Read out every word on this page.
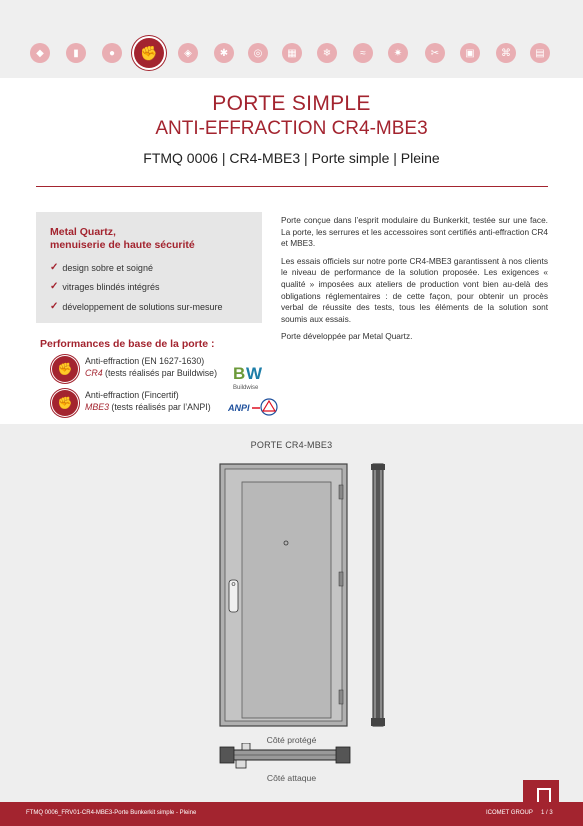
◆	▮	●	✊	◈	✱	◎	▦	❄	≈	✷	✂	▣	⌘	▤
PORTE SIMPLE
ANTI-EFFRACTION CR4-MBE3
FTMQ 0006 | CR4-MBE3 | Porte simple | Pleine
Metal Quartz,
menuiserie de haute sécurité
✓ design sobre et soigné
✓ vitrages blindés intégrés
✓ développement de solutions sur-mesure

Porte conçue dans l’esprit modulaire du Bunkerkit, testée sur une face. La porte, les serrures et les accessoires sont certifiés anti-effraction CR4 et MBE3.

Les essais officiels sur notre porte CR4-MBE3 garantissent à nos clients le niveau de performance de la solution proposée. Les exigences « qualité » imposées aux ateliers de production vont bien au-delà des obligations réglementaires : de cette façon, pour obtenir un procès verbal de réussite des tests, tous les éléments de la solution sont soumis aux essais.

Porte développée par Metal Quartz.

Performances de base de la porte :
✊
Anti-effraction (EN 1627-1630)
CR4 (tests réalisés par Buildwise)
✊
Anti-effraction (Fincertif)
MBE3 (tests réalisés par l’ANPI)
B W
Buildwise
ANPI
PORTE CR4-MBE3
Côté protégé
Côté attaque
FTMQ 0006_FRV01-CR4-MBE3-Porte Bunkerkit simple - Pleine	ICOMET GROUP 1 / 3
